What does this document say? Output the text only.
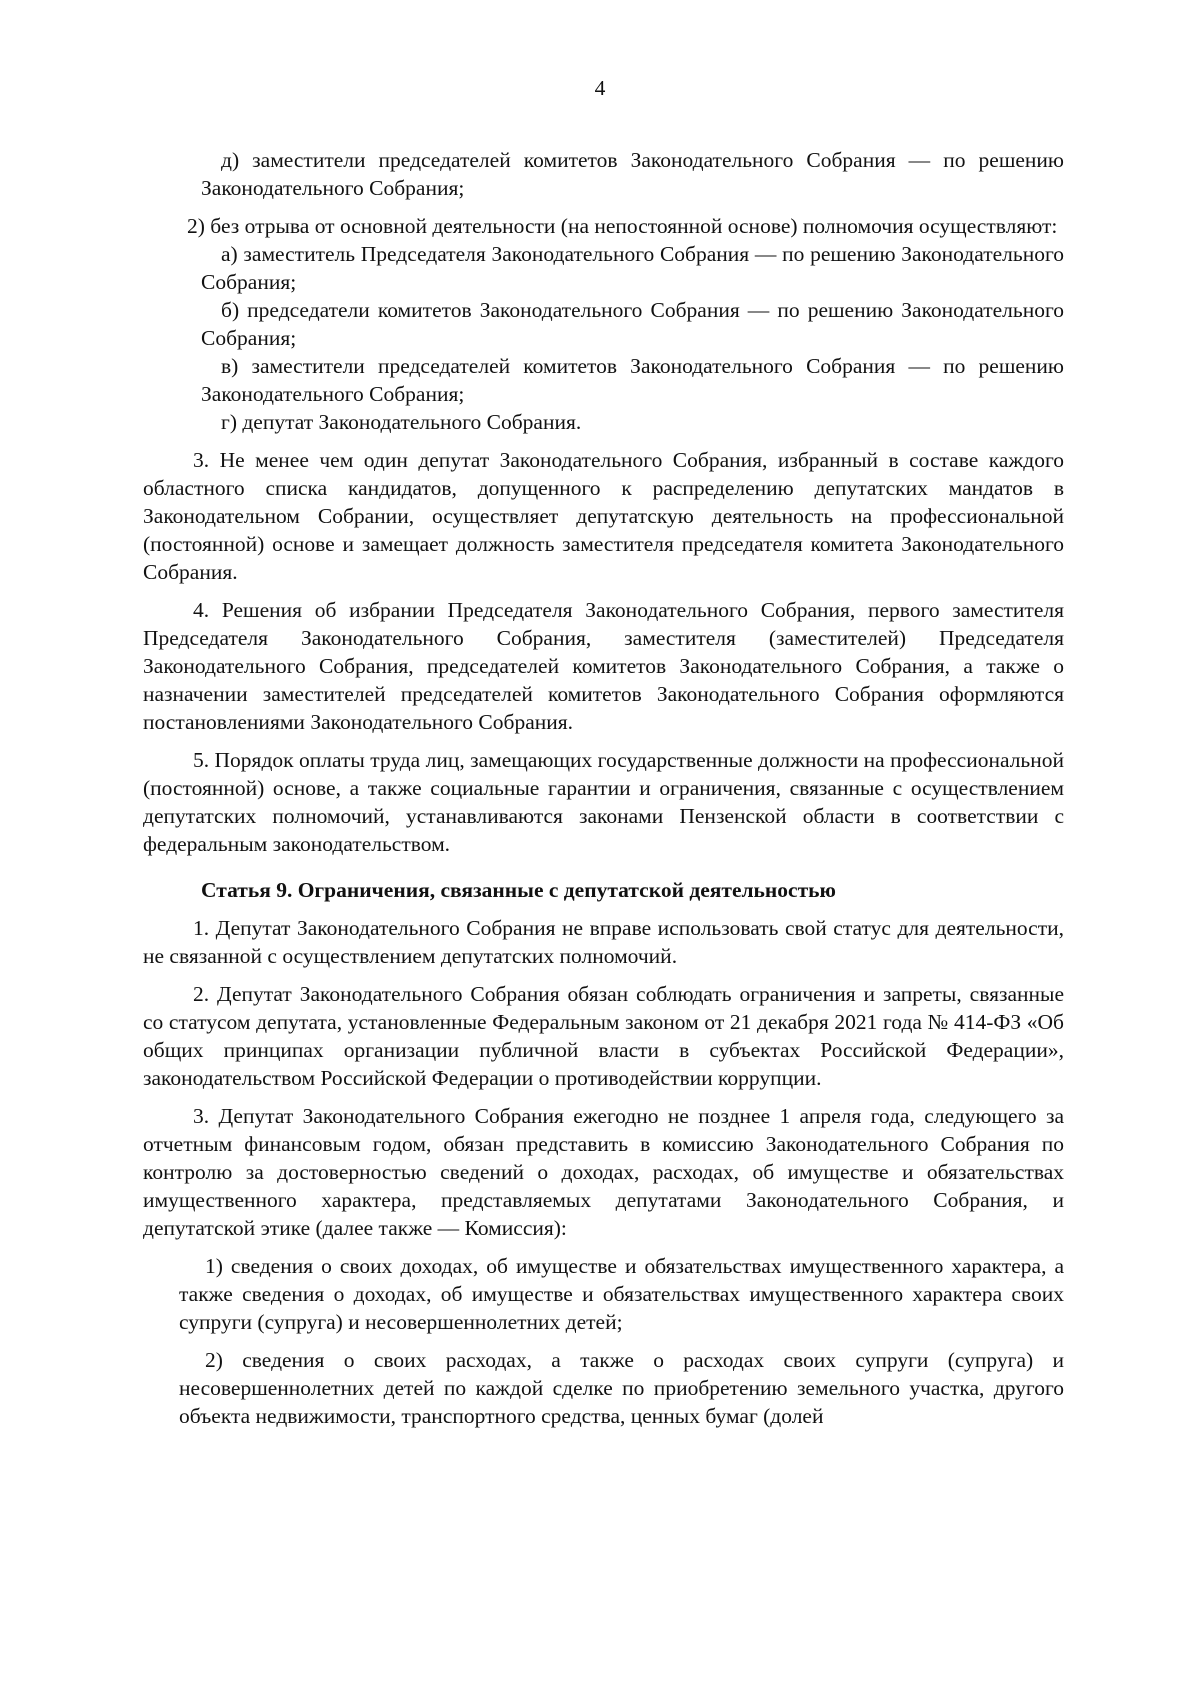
4
д) заместители председателей комитетов Законодательного Собрания — по решению Законодательного Собрания;
2) без отрыва от основной деятельности (на непостоянной основе) полномочия осуществляют:
а) заместитель Председателя Законодательного Собрания — по решению Законодательного Собрания;
б) председатели комитетов Законодательного Собрания — по решению Законодательного Собрания;
в) заместители председателей комитетов Законодательного Собрания — по решению Законодательного Собрания;
г) депутат Законодательного Собрания.
3. Не менее чем один депутат Законодательного Собрания, избранный в составе каждого областного списка кандидатов, допущенного к распределению депутатских мандатов в Законодательном Собрании, осуществляет депутатскую деятельность на профессиональной (постоянной) основе и замещает должность заместителя председателя комитета Законодательного Собрания.
4. Решения об избрании Председателя Законодательного Собрания, первого заместителя Председателя Законодательного Собрания, заместителя (заместителей) Председателя Законодательного Собрания, председателей комитетов Законодательного Собрания, а также о назначении заместителей председателей комитетов Законодательного Собрания оформляются постановлениями Законодательного Собрания.
5. Порядок оплаты труда лиц, замещающих государственные должности на профессиональной (постоянной) основе, а также социальные гарантии и ограничения, связанные с осуществлением депутатских полномочий, устанавливаются законами Пензенской области в соответствии с федеральным законодательством.
Статья 9. Ограничения, связанные с депутатской деятельностью
1. Депутат Законодательного Собрания не вправе использовать свой статус для деятельности, не связанной с осуществлением депутатских полномочий.
2. Депутат Законодательного Собрания обязан соблюдать ограничения и запреты, связанные со статусом депутата, установленные Федеральным законом от 21 декабря 2021 года № 414-ФЗ «Об общих принципах организации публичной власти в субъектах Российской Федерации», законодательством Российской Федерации о противодействии коррупции.
3. Депутат Законодательного Собрания ежегодно не позднее 1 апреля года, следующего за отчетным финансовым годом, обязан представить в комиссию Законодательного Собрания по контролю за достоверностью сведений о доходах, расходах, об имуществе и обязательствах имущественного характера, представляемых депутатами Законодательного Собрания, и депутатской этике (далее также — Комиссия):
1) сведения о своих доходах, об имуществе и обязательствах имущественного характера, а также сведения о доходах, об имуществе и обязательствах имущественного характера своих супруги (супруга) и несовершеннолетних детей;
2) сведения о своих расходах, а также о расходах своих супруги (супруга) и несовершеннолетних детей по каждой сделке по приобретению земельного участка, другого объекта недвижимости, транспортного средства, ценных бумаг (долей
